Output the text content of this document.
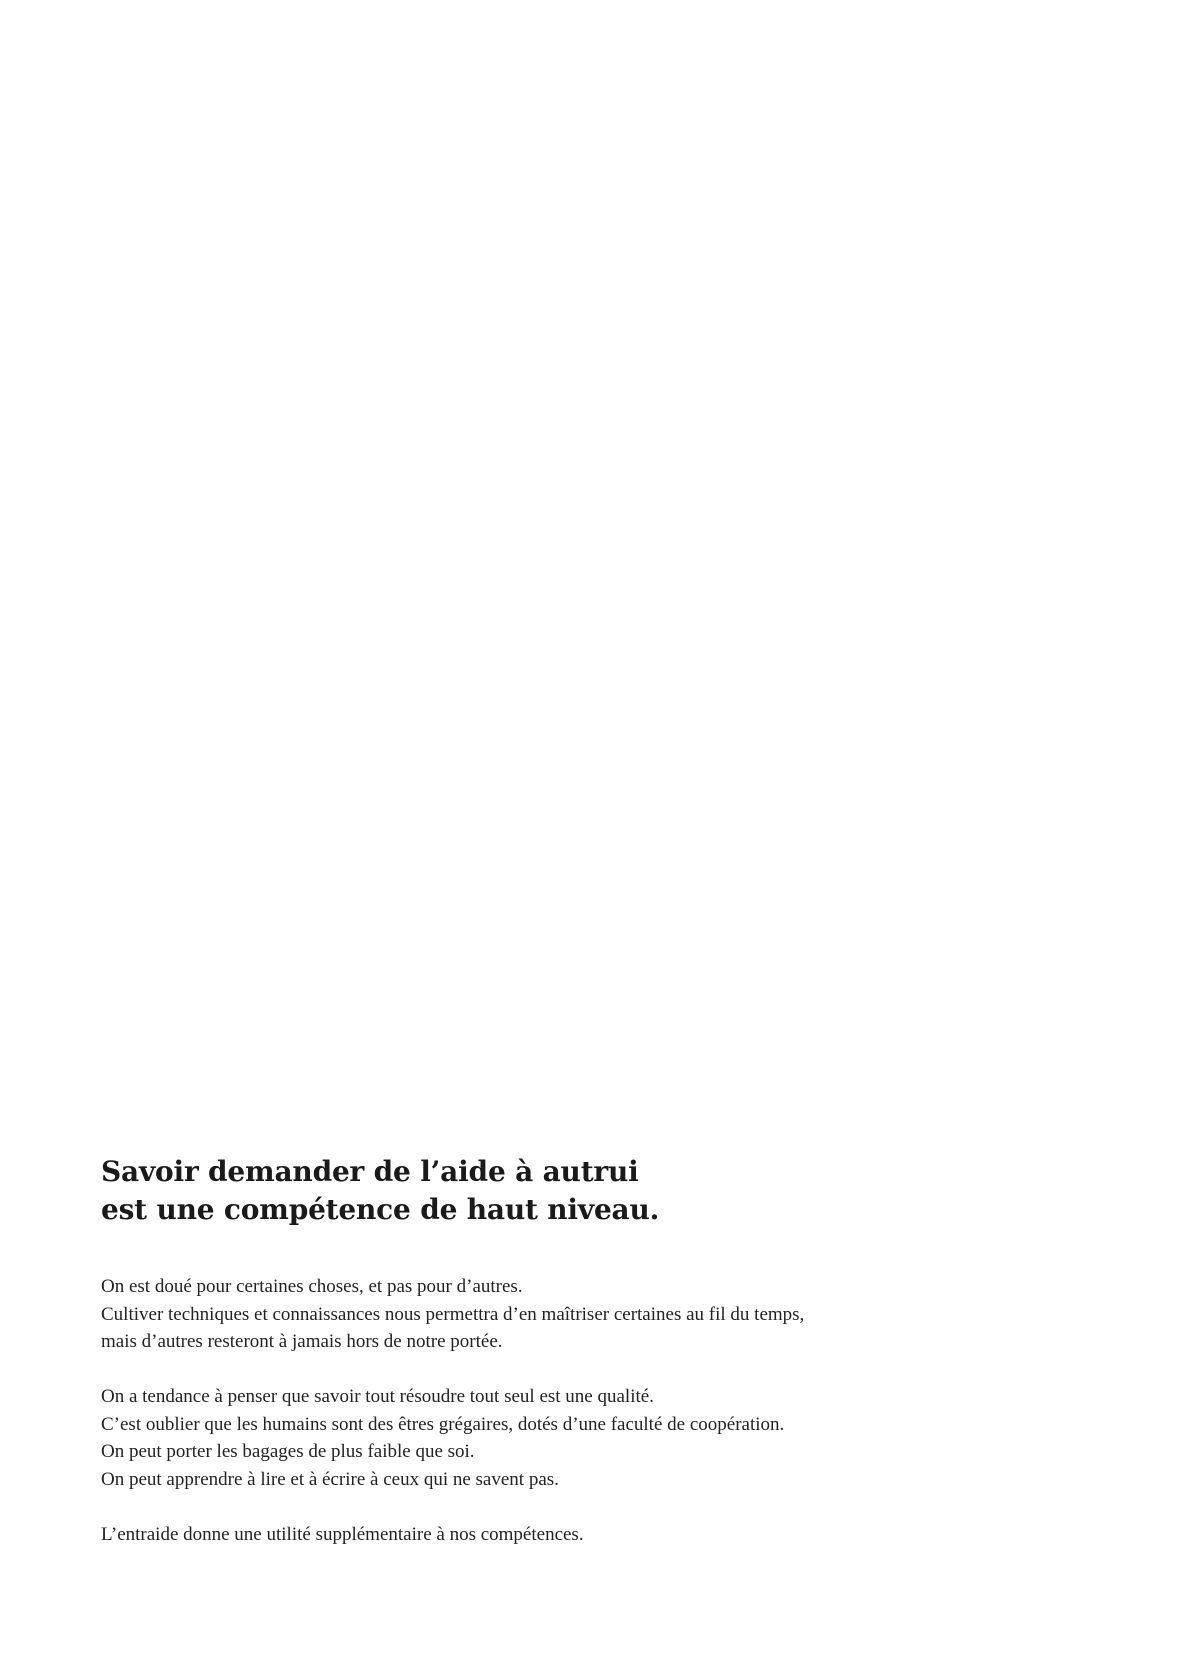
Savoir demander de l’aide à autrui
est une compétence de haut niveau.

On est doué pour certaines choses, et pas pour d’autres.
Cultiver techniques et connaissances nous permettra d’en maîtriser certaines au fil du temps,
mais d’autres resteront à jamais hors de notre portée.

On a tendance à penser que savoir tout résoudre tout seul est une qualité.
C’est oublier que les humains sont des êtres grégaires, dotés d’une faculté de coopération.
On peut porter les bagages de plus faible que soi.
On peut apprendre à lire et à écrire à ceux qui ne savent pas.

L’entraide donne une utilité supplémentaire à nos compétences.
